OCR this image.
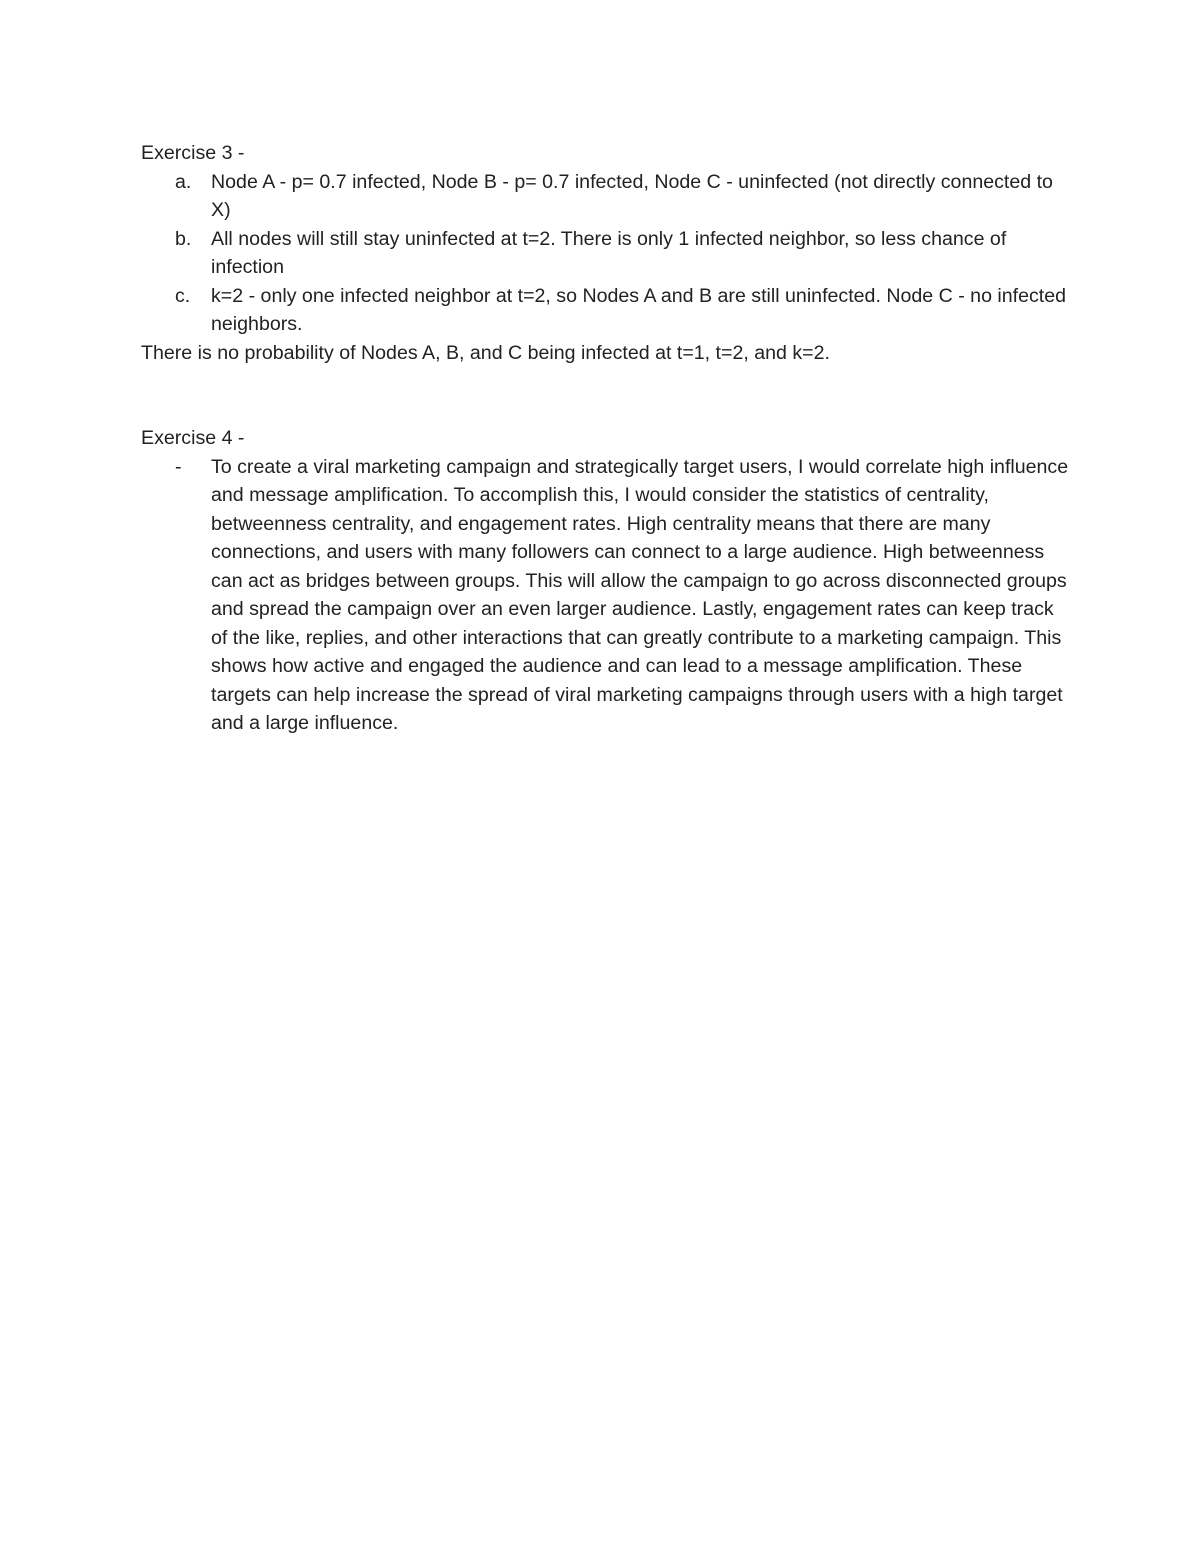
Exercise 3 -

a. Node A - p= 0.7 infected, Node B - p= 0.7 infected, Node C - uninfected (not directly connected to X)
b. All nodes will still stay uninfected at t=2. There is only 1 infected neighbor, so less chance of infection
c. k=2 - only one infected neighbor at t=2, so Nodes A and B are still uninfected. Node C - no infected neighbors.

There is no probability of Nodes A, B, and C being infected at t=1, t=2, and k=2.

Exercise 4 -

- To create a viral marketing campaign and strategically target users, I would correlate high influence and message amplification. To accomplish this, I would consider the statistics of centrality, betweenness centrality, and engagement rates. High centrality means that there are many connections, and users with many followers can connect to a large audience. High betweenness can act as bridges between groups. This will allow the campaign to go across disconnected groups and spread the campaign over an even larger audience. Lastly, engagement rates can keep track of the like, replies, and other interactions that can greatly contribute to a marketing campaign. This shows how active and engaged the audience and can lead to a message amplification. These targets can help increase the spread of viral marketing campaigns through users with a high target and a large influence.
